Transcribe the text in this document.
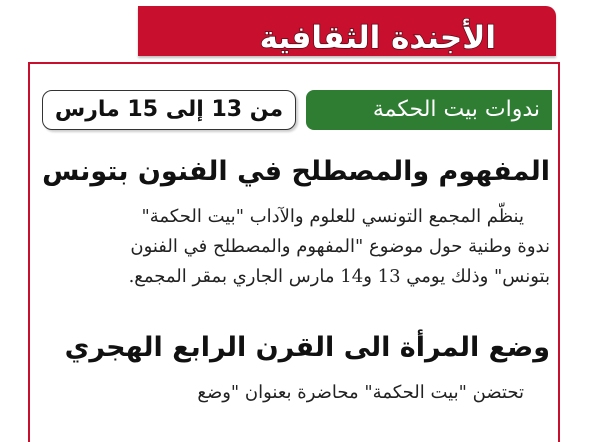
الأجندة الثقافية
ندوات بيت الحكمة
من 13 إلى 15 مارس
المفهوم والمصطلح في الفنون بتونس

ينظّم المجمع التونسي للعلوم والآداب "بيت الحكمة"
ندوة وطنية حول موضوع "المفهوم والمصطلح في الفنون
بتونس" وذلك يومي 13 و14 مارس الجاري بمقر المجمع.

وضع المرأة الى القرن الرابع الهجري

تحتضن "بيت الحكمة" محاضرة بعنوان "وضع
